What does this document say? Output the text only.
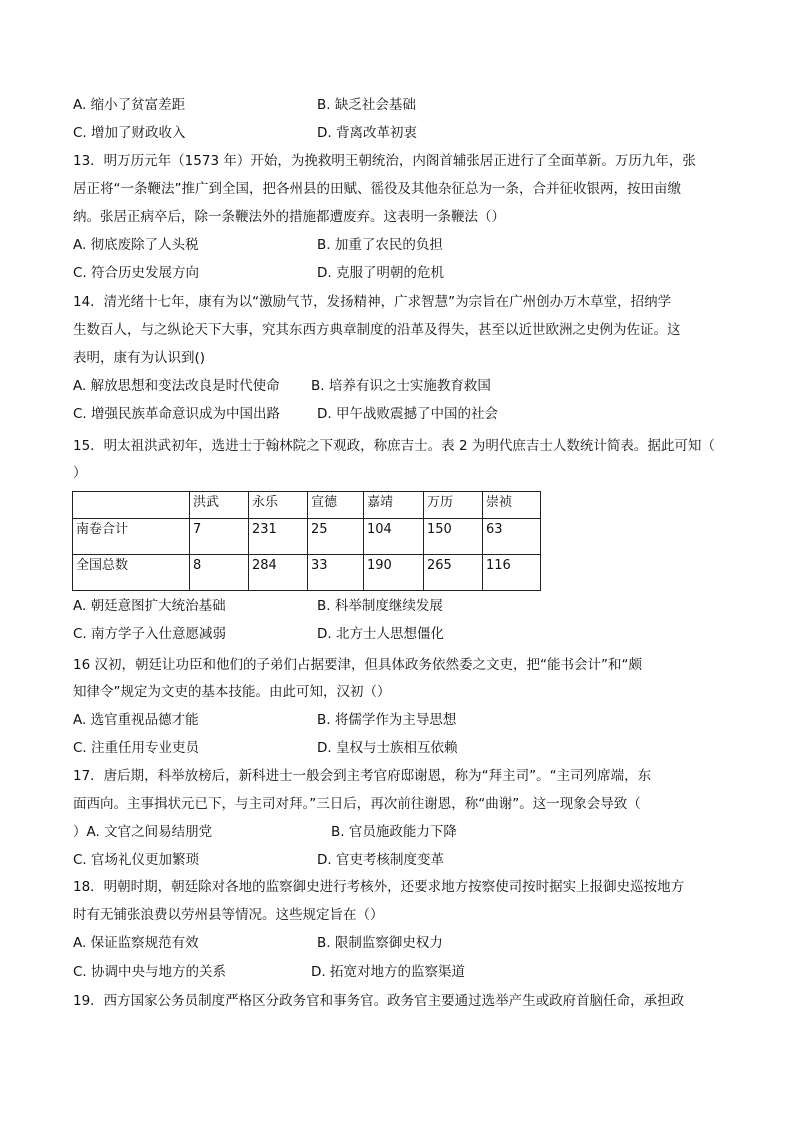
A. 缩小了贫富差距	B. 缺乏社会基础
C. 增加了财政收入	D. 背离改革初衷
13．明万历元年（1573 年）开始，为挽救明王朝统治，内阁首辅张居正进行了全面革新。万历九年，张
居正将“一条鞭法”推广到全国，把各州县的田赋、徭役及其他杂征总为一条，合并征收银两，按田亩缴
纳。张居正病卒后，除一条鞭法外的措施都遭废弃。这表明一条鞭法（）
A. 彻底废除了人头税	B. 加重了农民的负担
C. 符合历史发展方向	D. 克服了明朝的危机
14．清光绪十七年，康有为以“激励气节，发扬精神，广求智慧”为宗旨在广州创办万木草堂，招纳学
生数百人，与之纵论天下大事，究其东西方典章制度的沿革及得失，甚至以近世欧洲之史例为佐证。这
表明，康有为认识到()
A. 解放思想和变法改良是时代使命 B. 培养有识之士实施教育救国
C. 增强民族革命意识成为中国出路	D. 甲午战败震撼了中国的社会
15．明太祖洪武初年，选进士于翰林院之下观政，称庶吉士。表 2 为明代庶吉士人数统计简表。据此可知（
）
	洪武	永乐	宣德	嘉靖	万历	崇祯
南卷合计	7	231	25	104	150	63
全国总数	8	284	33	190	265	116
A. 朝廷意图扩大统治基础	B. 科举制度继续发展
C. 南方学子入仕意愿减弱	D. 北方士人思想僵化
16 汉初，朝廷让功臣和他们的子弟们占据要津，但具体政务依然委之文吏，把“能书会计”和“颇
知律令”规定为文吏的基本技能。由此可知，汉初（）
A. 选官重视品德才能	B. 将儒学作为主导思想
C. 注重任用专业吏员	D. 皇权与士族相互依赖
17．唐后期，科举放榜后，新科进士一般会到主考官府邸谢恩，称为“拜主司”。“主司列席端，东
面西向。主事揖状元已下，与主司对拜。”三日后，再次前往谢恩，称“曲谢”。这一现象会导致（
）A. 文官之间易结朋党	B. 官员施政能力下降
C. 官场礼仪更加繁琐	D. 官吏考核制度变革
18．明朝时期，朝廷除对各地的监察御史进行考核外，还要求地方按察使司按时据实上报御史巡按地方
时有无铺张浪费以劳州县等情况。这些规定旨在（）
A. 保证监察规范有效	B. 限制监察御史权力
C. 协调中央与地方的关系	D. 拓宽对地方的监察渠道
19．西方国家公务员制度严格区分政务官和事务官。政务官主要通过选举产生或政府首脑任命，承担政
